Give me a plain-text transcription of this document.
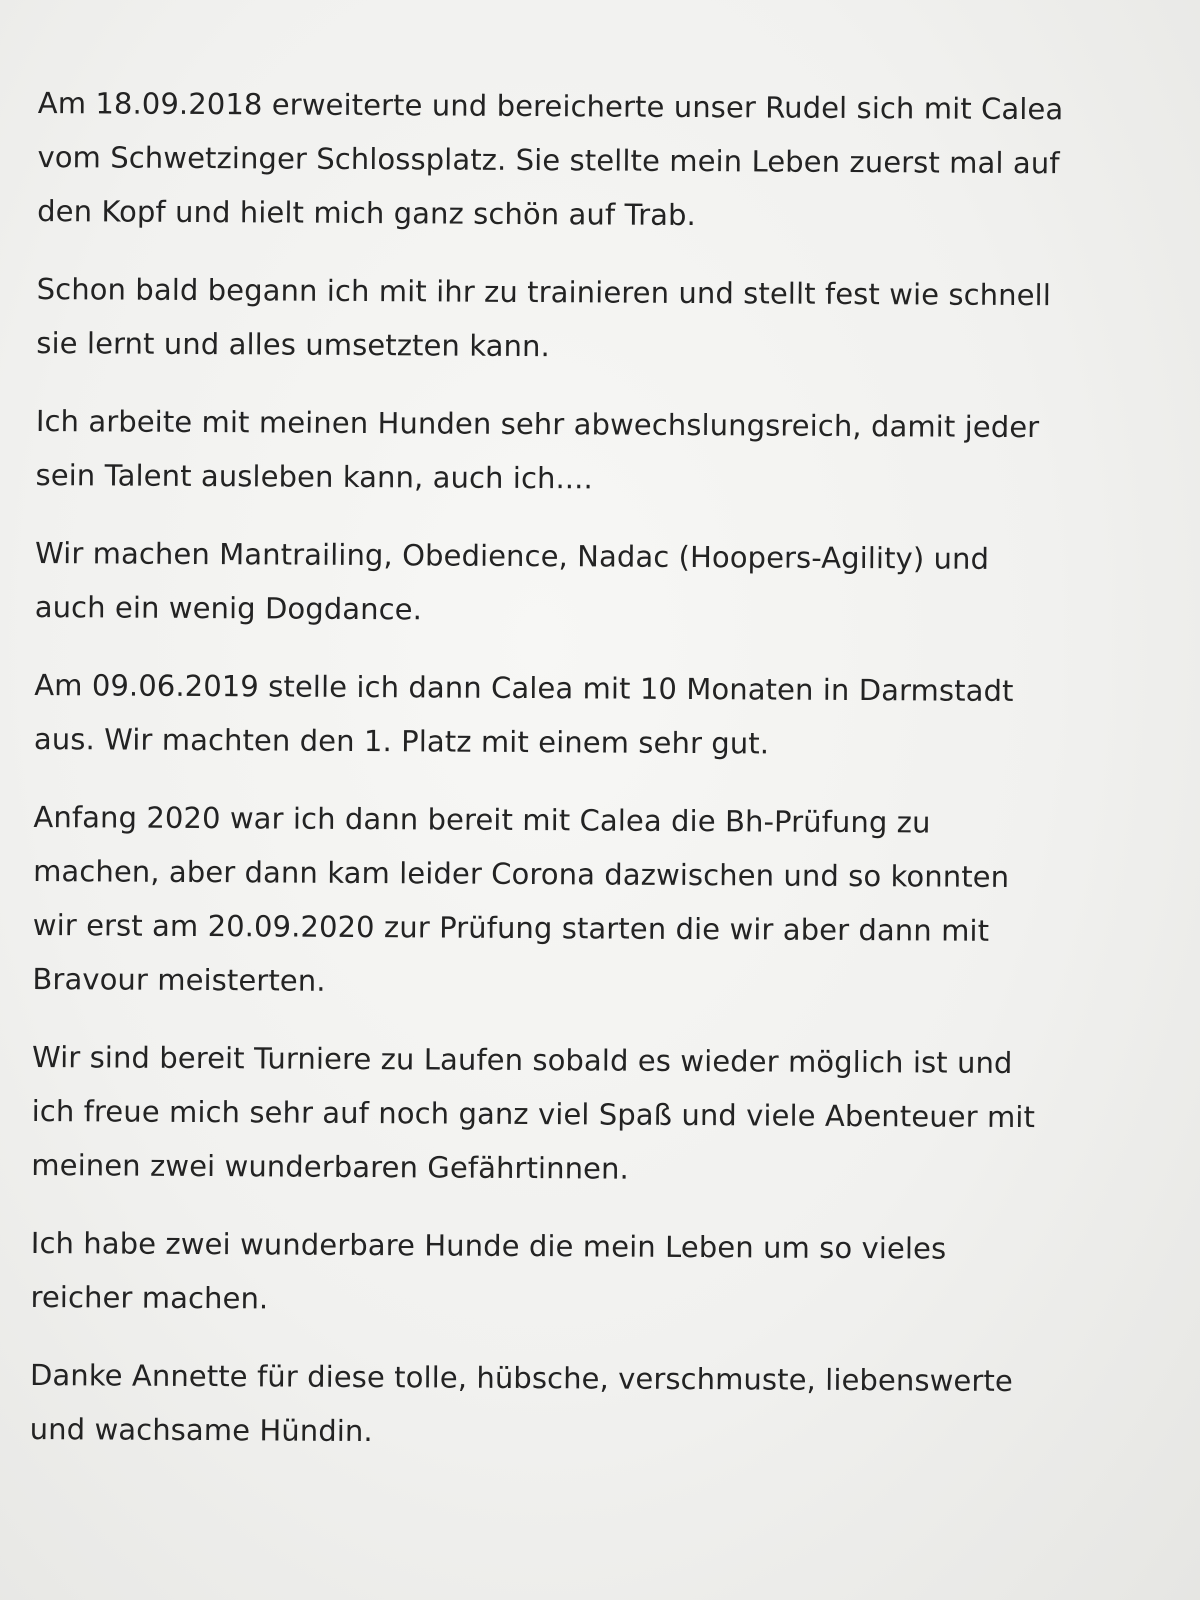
Am 18.09.2018 erweiterte und bereicherte unser Rudel sich mit Calea
vom Schwetzinger Schlossplatz. Sie stellte mein Leben zuerst mal auf
den Kopf und hielt mich ganz schön auf Trab.

Schon bald begann ich mit ihr zu trainieren und stellt fest wie schnell
sie lernt und alles umsetzten kann.

Ich arbeite mit meinen Hunden sehr abwechslungsreich, damit jeder
sein Talent ausleben kann, auch ich....

Wir machen Mantrailing, Obedience, Nadac (Hoopers-Agility) und
auch ein wenig Dogdance.

Am 09.06.2019 stelle ich dann Calea mit 10 Monaten in Darmstadt
aus. Wir machten den 1. Platz mit einem sehr gut.

Anfang 2020 war ich dann bereit mit Calea die Bh-Prüfung zu
machen, aber dann kam leider Corona dazwischen und so konnten
wir erst am 20.09.2020 zur Prüfung starten die wir aber dann mit
Bravour meisterten.

Wir sind bereit Turniere zu Laufen sobald es wieder möglich ist und
ich freue mich sehr auf noch ganz viel Spaß und viele Abenteuer mit
meinen zwei wunderbaren Gefährtinnen.

Ich habe zwei wunderbare Hunde die mein Leben um so vieles
reicher machen.

Danke Annette für diese tolle, hübsche, verschmuste, liebenswerte
und wachsame Hündin.
